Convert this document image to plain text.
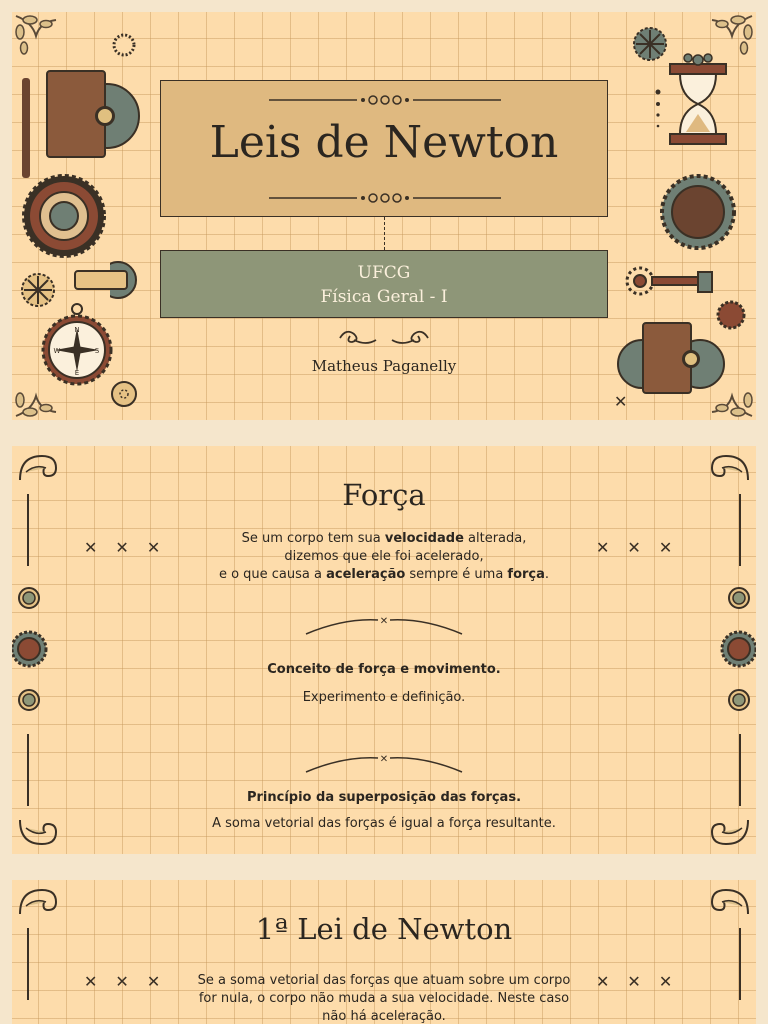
N
E
W	S
✕
Leis de Newton
UFCG
Física Geral - I
Matheus Paganelly
✕✕✕	✕✕✕
Força
Se um corpo tem sua velocidade alterada,
dizemos que ele foi acelerado,
e o que causa a aceleração sempre é uma força.
✕
Conceito de força e movimento.
Experimento e definição.
✕
Princípio da superposição das forças.
A soma vetorial das forças é igual a força resultante.
✕✕✕	✕✕✕
1ª Lei de Newton
Se a soma vetorial das forças que atuam sobre um corpo
for nula, o corpo não muda a sua velocidade. Neste caso
não há aceleração.
